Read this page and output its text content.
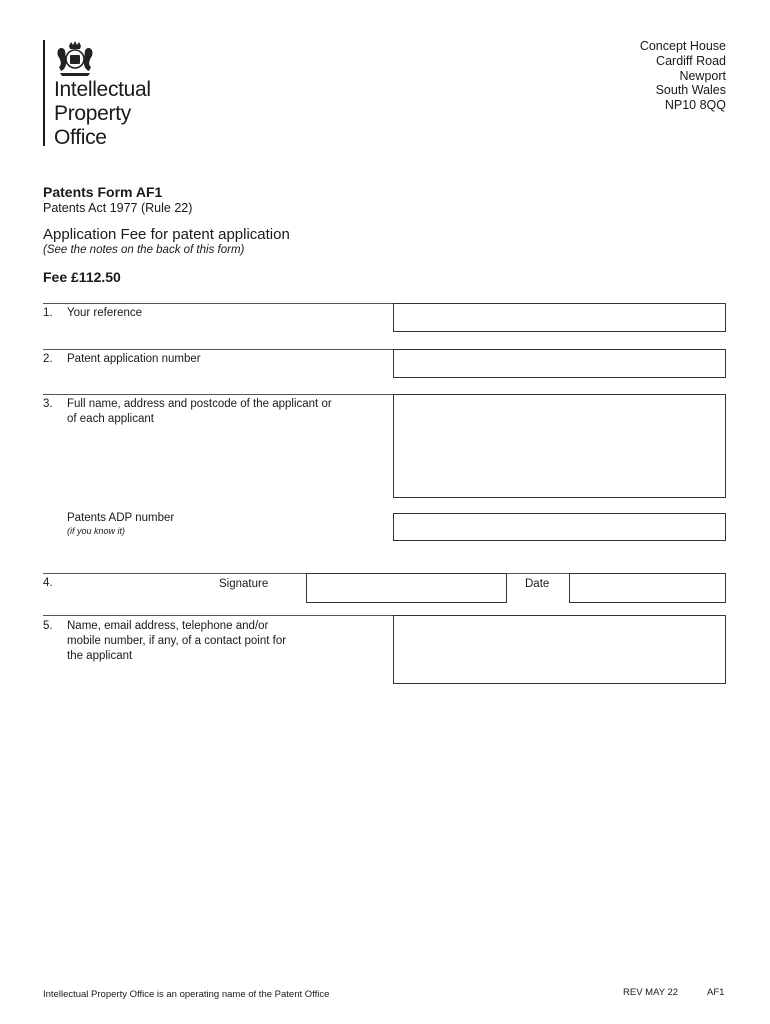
Intellectual
Property
Office
Concept House
Cardiff Road
Newport
South Wales
NP10 8QQ
Patents Form AF1
Patents Act 1977 (Rule 22)
Application Fee for patent application
(See the notes on the back of this form)
Fee £112.50
1. Your reference
2. Patent application number
3. Full name, address and postcode of the applicant or
of each applicant
Patents ADP number
(if you know it)
4.	Signature	Date
5. Name, email address, telephone and/or
mobile number, if any, of a contact point for
the applicant
Intellectual Property Office is an operating name of the Patent Office	REV MAY 22	AF1
